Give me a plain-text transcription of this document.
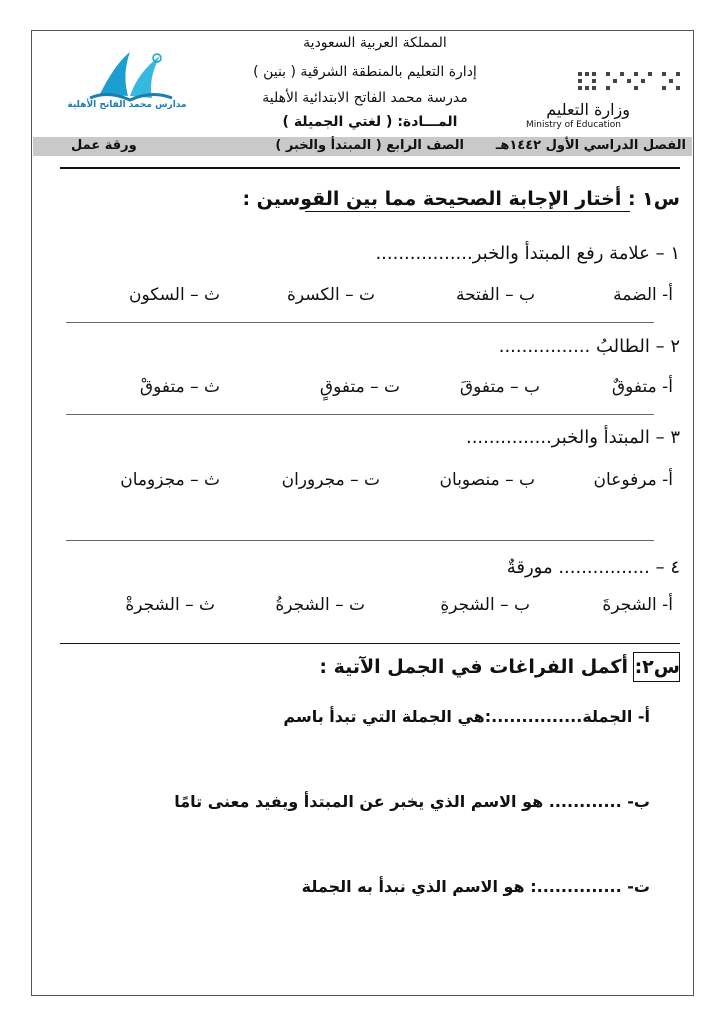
المملكة العربية السعودية
إدارة التعليم بالمنطقة الشرقية ( بنين )
مدرسة محمد الفاتح الابتدائية الأهلية
المـــادة: ( لغتي الجميلة )
وزارة التعليم
Ministry of Education
مدارس محمد الفاتح الأهلية
الفصل الدراسي الأول ١٤٤٢هـ
الصف الرابع ( المبتدأ والخبر )
ورقة عمل
س١ : أختار الإجابة الصحيحة مما بين القوسين :
١ – علامة رفع المبتدأ والخبر.................
أ- الضمة
ب – الفتحة
ت – الكسرة
ث – السكون
٢ – الطالبُ ................
أ- متفوقٌ
ب – متفوقَ
ت – متفوقٍ
ث – متفوقْ
٣ – المبتدأ والخبر...............
أ- مرفوعان
ب – منصوبان
ت – مجروران
ث – مجزومان
٤ – ................ مورقةٌ
أ- الشجرةَ
ب – الشجرةِ
ت – الشجرةُ
ث – الشجرةْ
س٢: أكمل الفراغات في الجمل الآتية :
أ- الجملة...............:هي الجملة التي تبدأ باسم
ب- ............ هو الاسم الذي يخبر عن المبتدأ ويفيد معنى تامًا
ت- ..............: هو الاسم الذي نبدأ به الجملة
